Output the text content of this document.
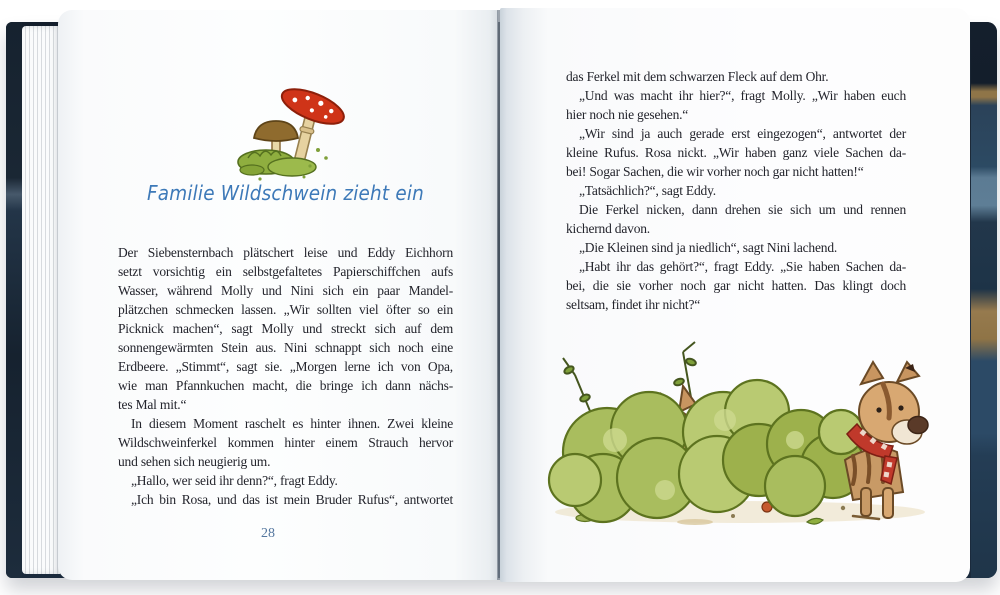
Familie Wildschwein zieht ein
Der Siebensternbach plätschert leise und Eddy Eichhorn
setzt vorsichtig ein selbstgefaltetes Papierschiffchen aufs
Wasser, während Molly und Nini sich ein paar Mandel-
plätzchen schmecken lassen. „Wir sollten viel öfter so ein
Picknick machen“, sagt Molly und streckt sich auf dem
sonnengewärmten Stein aus. Nini schnappt sich noch eine
Erdbeere. „Stimmt“, sagt sie. „Morgen lerne ich von Opa,
wie man Pfannkuchen macht, die bringe ich dann nächs-
tes Mal mit.“
In diesem Moment raschelt es hinter ihnen. Zwei kleine
Wildschweinferkel kommen hinter einem Strauch hervor
und sehen sich neugierig um.
„Hallo, wer seid ihr denn?“, fragt Eddy.
„Ich bin Rosa, und das ist mein Bruder Rufus“, antwortet
28
das Ferkel mit dem schwarzen Fleck auf dem Ohr.
„Und was macht ihr hier?“, fragt Molly. „Wir haben euch
hier noch nie gesehen.“
„Wir sind ja auch gerade erst eingezogen“, antwortet der
kleine Rufus. Rosa nickt. „Wir haben ganz viele Sachen da-
bei! Sogar Sachen, die wir vorher noch gar nicht hatten!“
„Tatsächlich?“, sagt Eddy.
Die Ferkel nicken, dann drehen sie sich um und rennen
kichernd davon.
„Die Kleinen sind ja niedlich“, sagt Nini lachend.
„Habt ihr das gehört?“, fragt Eddy. „Sie haben Sachen da-
bei, die sie vorher noch gar nicht hatten. Das klingt doch
seltsam, findet ihr nicht?“
